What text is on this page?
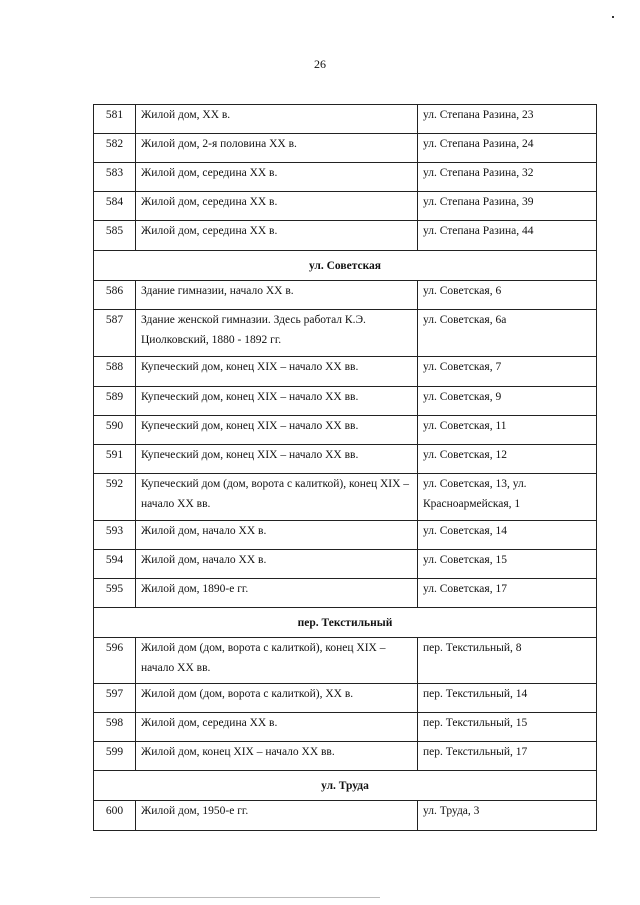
26
581	Жилой дом, XX в.	ул. Степана Разина, 23
582	Жилой дом, 2-я половина XX в.	ул. Степана Разина, 24
583	Жилой дом, середина XX в.	ул. Степана Разина, 32
584	Жилой дом, середина XX в.	ул. Степана Разина, 39
585	Жилой дом, середина XX в.	ул. Степана Разина, 44
ул. Советская		
586	Здание гимназии, начало XX в.	ул. Советская, 6
587	Здание женской гимназии. Здесь работал К.Э. Циолковский, 1880 - 1892 гг.	ул. Советская, 6а
588	Купеческий дом, конец XIX – начало XX вв.	ул. Советская, 7
589	Купеческий дом, конец XIX – начало XX вв.	ул. Советская, 9
590	Купеческий дом, конец XIX – начало XX вв.	ул. Советская, 11
591	Купеческий дом, конец XIX – начало XX вв.	ул. Советская, 12
592	Купеческий дом (дом, ворота с калиткой), конец XIX – начало XX вв.	ул. Советская, 13, ул. Красноармейская, 1
593	Жилой дом, начало XX в.	ул. Советская, 14
594	Жилой дом, начало XX в.	ул. Советская, 15
595	Жилой дом, 1890-е гг.	ул. Советская, 17
пер. Текстильный		
596	Жилой дом (дом, ворота с калиткой), конец XIX – начало XX вв.	пер. Текстильный, 8
597	Жилой дом (дом, ворота с калиткой), XX в.	пер. Текстильный, 14
598	Жилой дом, середина XX в.	пер. Текстильный, 15
599	Жилой дом, конец XIX – начало XX вв.	пер. Текстильный, 17
ул. Труда		
600	Жилой дом, 1950-е гг.	ул. Труда, 3
